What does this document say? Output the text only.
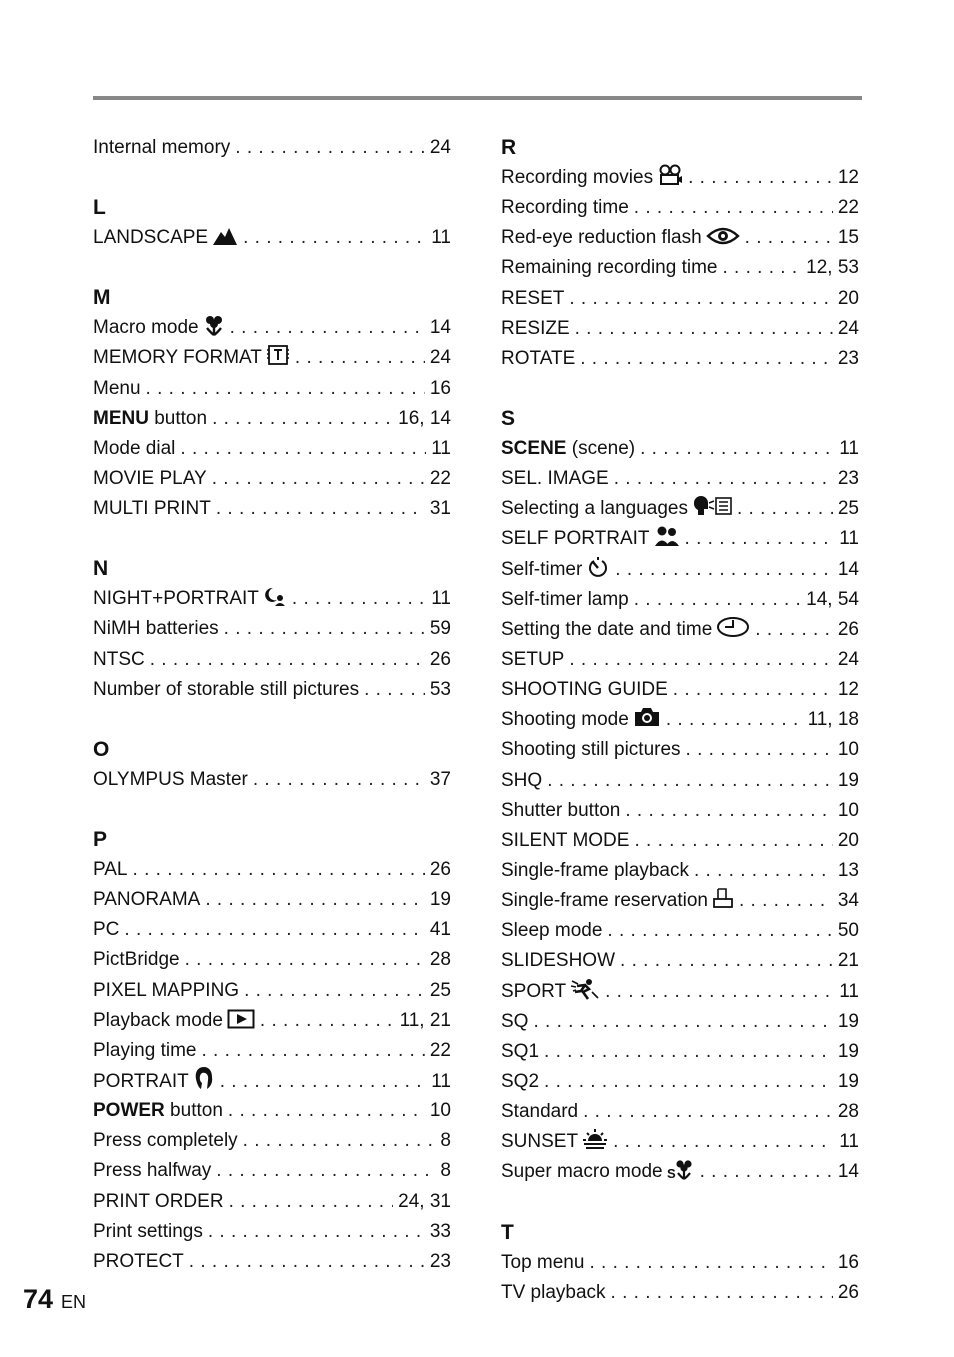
Internal memory . . .	24
L
LANDSCAPE . . .	11
M
Macro mode . . .	14
MEMORY FORMAT . . .	24
Menu . . .	16
MENU button . . .	16, 14
Mode dial . . .	11
MOVIE PLAY . . .	22
MULTI PRINT . . .	31
N
NIGHT+PORTRAIT . . .	11
NiMH batteries . . .	59
NTSC . . .	26
Number of storable still pictures . . .	53
O
OLYMPUS Master . . .	37
P
PAL . . .	26
PANORAMA . . .	19
PC . . .	41
PictBridge . . .	28
PIXEL MAPPING . . .	25
Playback mode . . .	11, 21
Playing time . . .	22
PORTRAIT . . .	11
POWER button . . .	10
Press completely . . .	8
Press halfway . . .	8
PRINT ORDER . . .	24, 31
Print settings . . .	33
PROTECT . . .	23
R
Recording movies . . .	12
Recording time . . .	22
Red-eye reduction flash . . .	15
Remaining recording time . . .	12, 53
RESET . . .	20
RESIZE . . .	24
ROTATE . . .	23
S
SCENE (scene) . . .	11
SEL. IMAGE . . .	23
Selecting a languages . . .	25
SELF PORTRAIT . . .	11
Self-timer . . .	14
Self-timer lamp . . .	14, 54
Setting the date and time . . .	26
SETUP . . .	24
SHOOTING GUIDE . . .	12
Shooting mode . . .	11, 18
Shooting still pictures . . .	10
SHQ . . .	19
Shutter button . . .	10
SILENT MODE . . .	20
Single-frame playback . . .	13
Single-frame reservation . . .	34
Sleep mode . . .	50
SLIDESHOW . . .	21
SPORT . . .	11
SQ . . .	19
SQ1 . . .	19
SQ2 . . .	19
Standard . . .	28
SUNSET . . .	11
Super macro mode S . . .	14
T
Top menu . . .	16
TV playback . . .	26
74 EN
